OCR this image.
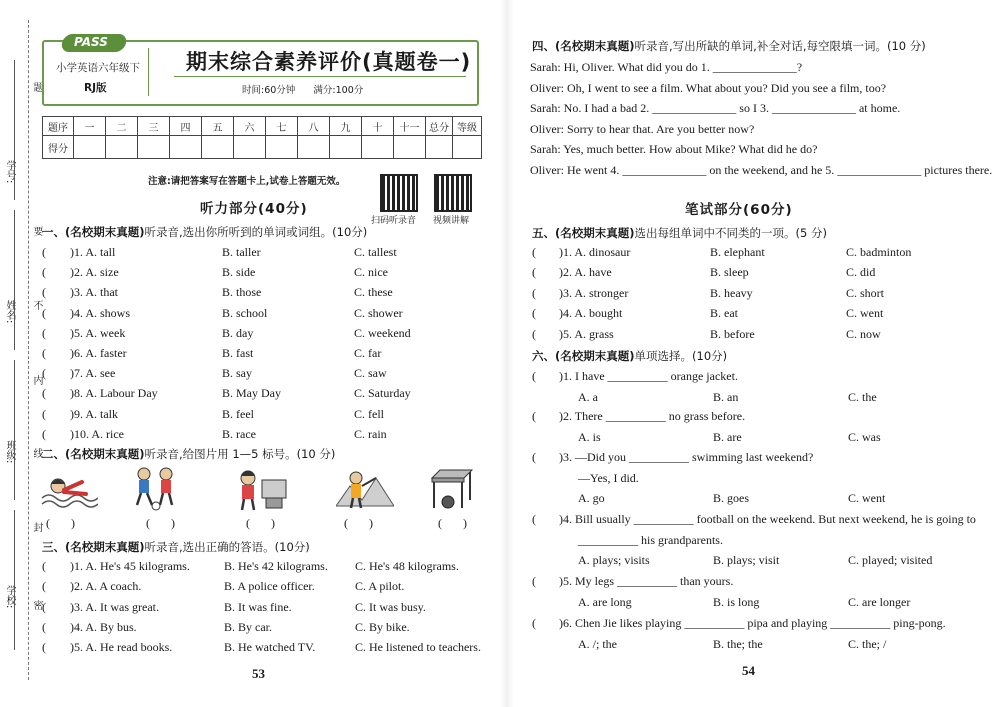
学号:
姓名:
班级:
学校:
题
要
不
内
线
封
密
PASS
小学英语六年级下
RJ版
期末综合素养评价(真题卷一)
时间:60分钟      满分:100分
题序	一	二	三	四	五	六	七	八	九	十	十一	总分	等级
得分													
注意:请把答案写在答题卡上,试卷上答题无效。
扫码听录音 视频讲解
听力部分(40分)
一、(名校期末真题)听录音,选出你所听到的单词或词组。(10分)
二、(名校期末真题)听录音,给图片用 1—5 标号。(10 分)
(       )	(       )	(       )	(       )	(       )
三、(名校期末真题)听录音,选出正确的答语。(10分)
53
四、(名校期末真题)听录音,写出所缺的单词,补全对话,每空限填一词。(10 分)
笔试部分(60分)
五、(名校期末真题)选出每组单词中不同类的一项。(5 分)
六、(名校期末真题)单项选择。(10分)
54
( )1. A. tall	B. taller	C. tallest
( )2. A. size	B. side	C. nice
( )3. A. that	B. those	C. these
( )4. A. shows	B. school	C. shower
( )5. A. week	B. day	C. weekend
( )6. A. faster	B. fast	C. far
( )7. A. see	B. say	C. saw
( )8. A. Labour Day	B. May Day	C. Saturday
( )9. A. talk	B. feel	C. fell
( )10. A. rice	B. race	C. rain
( )1. A. He's 45 kilograms.	B. He's 42 kilograms. C. He's 48 kilograms.
( )2. A. A coach.	B. A police officer.	C. A pilot.
( )3. A. It was great.	B. It was fine.	C. It was busy.
( )4. A. By bus.	B. By car.	C. By bike.
( )5. A. He read books.	B. He watched TV.	C. He listened to teachers.
Sarah: Hi, Oliver. What did you do 1. ______________?
Oliver: Oh, I went to see a film. What about you? Did you see a film, too?
Sarah: No. I had a bad 2. ______________ so I 3. ______________ at home.
Oliver: Sorry to hear that. Are you better now?
Sarah: Yes, much better. How about Mike? What did he do?
Oliver: He went 4. ______________ on the weekend, and he 5. ______________ pictures there.
( )1. A. dinosaur	B. elephant	C. badminton
( )2. A. have	B. sleep	C. did
( )3. A. stronger	B. heavy	C. short
( )4. A. bought	B. eat	C. went
( )5. A. grass	B. before	C. now
( )1. I have __________ orange jacket.
A. a	B. an	C. the
( )2. There __________ no grass before.
A. is	B. are	C. was
( )3. —Did you __________ swimming last weekend?
—Yes, I did.
A. go	B. goes	C. went
( )4. Bill usually __________ football on the weekend. But next weekend, he is going to
__________ his grandparents.
A. plays; visits	B. plays; visit	C. played; visited
( )5. My legs __________ than yours.
A. are long	B. is long	C. are longer
( )6. Chen Jie likes playing __________ pipa and playing __________ ping-pong.
A. /; the	B. the; the	C. the; /
